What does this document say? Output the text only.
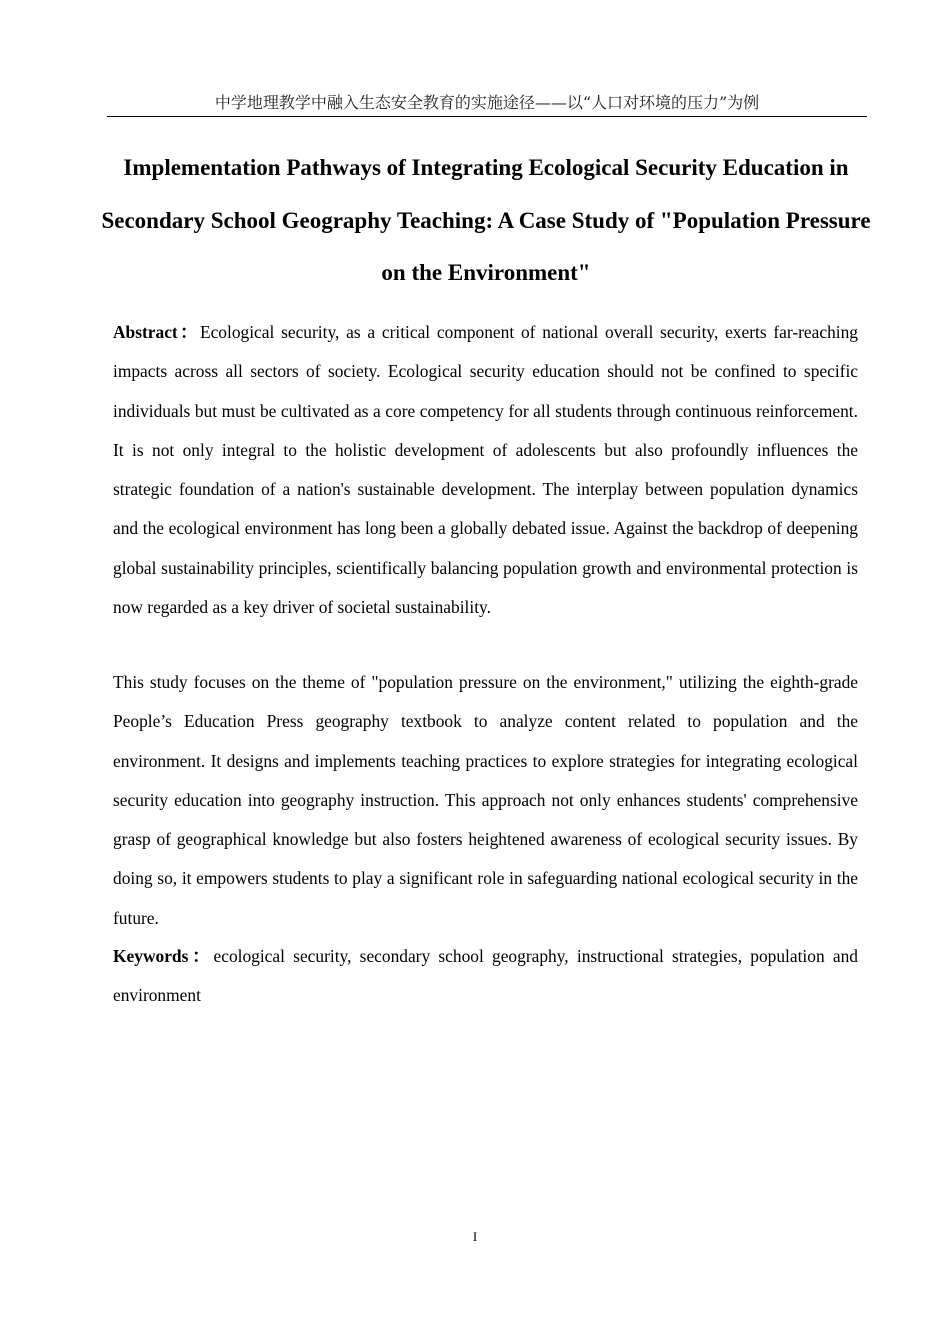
中学地理教学中融入生态安全教育的实施途径——以“人口对环境的压力”为例
Implementation Pathways of Integrating Ecological Security Education in Secondary School Geography Teaching: A Case Study of "Population Pressure on the Environment"

Abstract：Ecological security, as a critical component of national overall security, exerts far-reaching impacts across all sectors of society. Ecological security education should not be confined to specific individuals but must be cultivated as a core competency for all students through continuous reinforcement. It is not only integral to the holistic development of adolescents but also profoundly influences the strategic foundation of a nation's sustainable development. The interplay between population dynamics and the ecological environment has long been a globally debated issue. Against the backdrop of deepening global sustainability principles, scientifically balancing population growth and environmental protection is now regarded as a key driver of societal sustainability.

This study focuses on the theme of "population pressure on the environment," utilizing the eighth-grade People’s Education Press geography textbook to analyze content related to population and the environment. It designs and implements teaching practices to explore strategies for integrating ecological security education into geography instruction. This approach not only enhances students' comprehensive grasp of geographical knowledge but also fosters heightened awareness of ecological security issues. By doing so, it empowers students to play a significant role in safeguarding national ecological security in the future.

Keywords：ecological security, secondary school geography, instructional strategies, population and environment

I
